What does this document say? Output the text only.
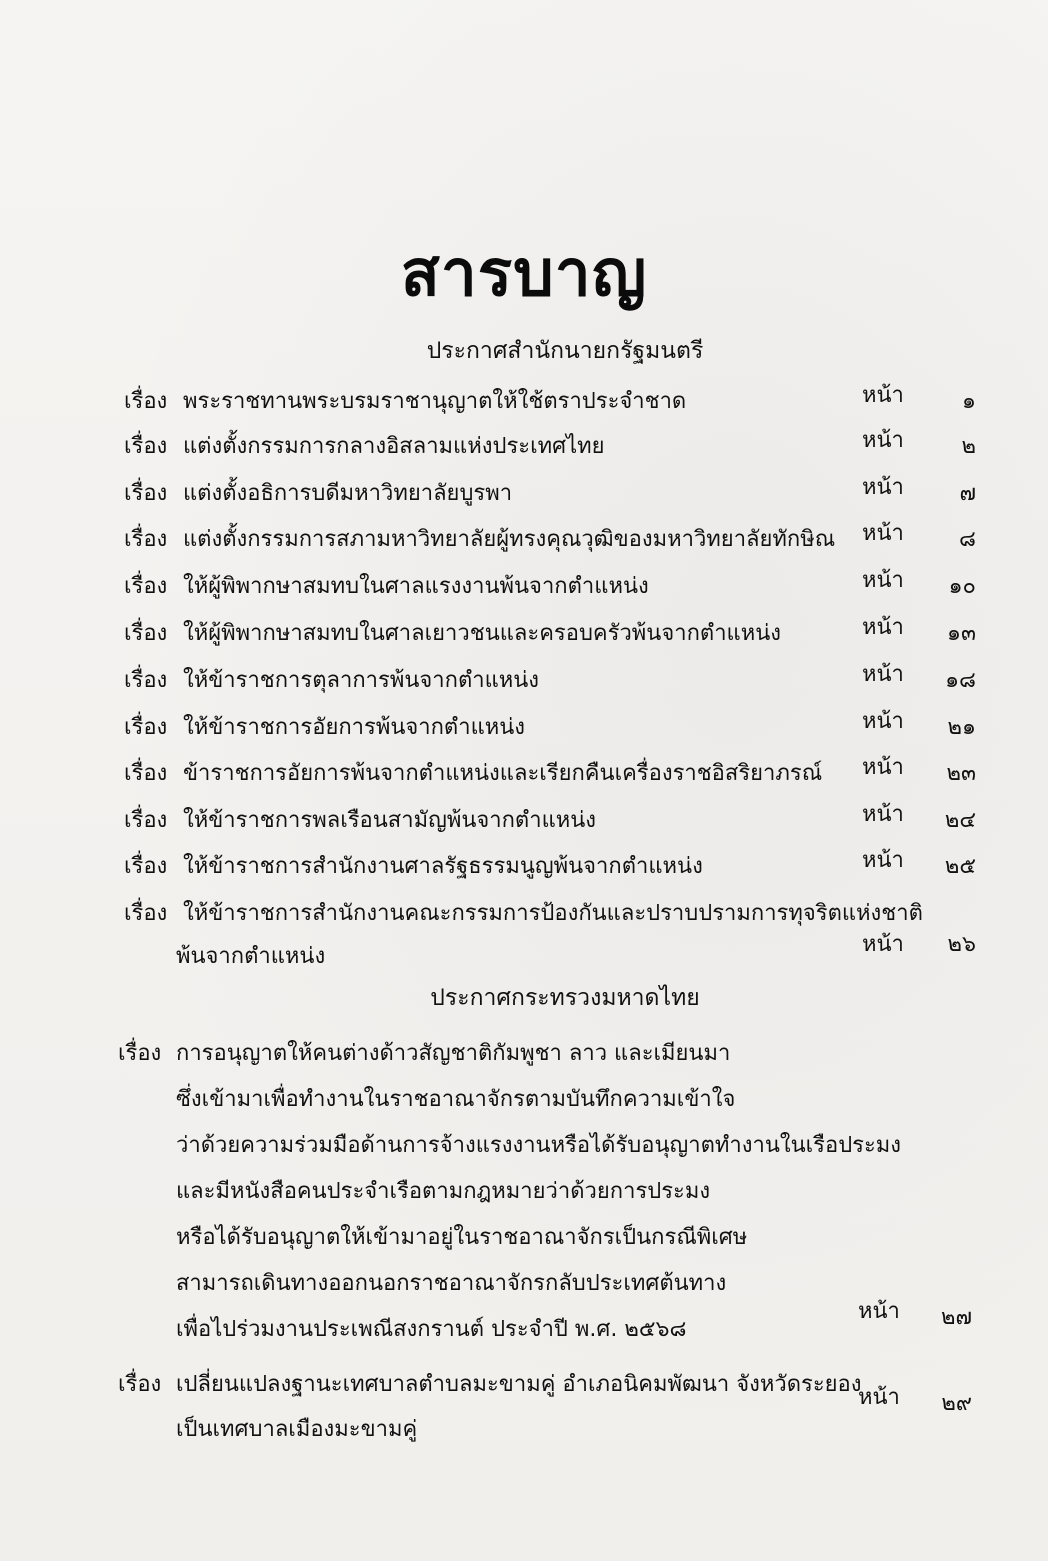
สารบาญ
ประกาศสำนักนายกรัฐมนตรี
เรื่อง พระราชทานพระบรมราชานุญาตให้ใช้ตราประจำชาด	หน้า	๑
เรื่อง แต่งตั้งกรรมการกลางอิสลามแห่งประเทศไทย	หน้า	๒
เรื่อง แต่งตั้งอธิการบดีมหาวิทยาลัยบูรพา	หน้า	๗
เรื่อง แต่งตั้งกรรมการสภามหาวิทยาลัยผู้ทรงคุณวุฒิของมหาวิทยาลัยทักษิณ หน้า	๘
เรื่อง ให้ผู้พิพากษาสมทบในศาลแรงงานพ้นจากตำแหน่ง	หน้า ๑๐
เรื่อง ให้ผู้พิพากษาสมทบในศาลเยาวชนและครอบครัวพ้นจากตำแหน่ง	หน้า ๑๓
เรื่อง ให้ข้าราชการตุลาการพ้นจากตำแหน่ง	หน้า ๑๘
เรื่อง ให้ข้าราชการอัยการพ้นจากตำแหน่ง	หน้า ๒๑
เรื่อง ข้าราชการอัยการพ้นจากตำแหน่งและเรียกคืนเครื่องราชอิสริยาภรณ์ หน้า ๒๓
เรื่อง ให้ข้าราชการพลเรือนสามัญพ้นจากตำแหน่ง	หน้า ๒๔
เรื่อง ให้ข้าราชการสำนักงานศาลรัฐธรรมนูญพ้นจากตำแหน่ง	หน้า ๒๕
เรื่อง ให้ข้าราชการสำนักงานคณะกรรมการป้องกันและปราบปรามการทุจริตแห่งชาติ
พ้นจากตำแหน่ง	หน้า ๒๖
ประกาศกระทรวงมหาดไทย
เรื่อง การอนุญาตให้คนต่างด้าวสัญชาติกัมพูชา ลาว และเมียนมา
ซึ่งเข้ามาเพื่อทำงานในราชอาณาจักรตามบันทึกความเข้าใจ
ว่าด้วยความร่วมมือด้านการจ้างแรงงานหรือได้รับอนุญาตทำงานในเรือประมง
และมีหนังสือคนประจำเรือตามกฎหมายว่าด้วยการประมง
หรือได้รับอนุญาตให้เข้ามาอยู่ในราชอาณาจักรเป็นกรณีพิเศษ
สามารถเดินทางออกนอกราชอาณาจักรกลับประเทศต้นทาง
เพื่อไปร่วมงานประเพณีสงกรานต์ ประจำปี พ.ศ. ๒๕๖๘
หน้า ๒๗
เรื่อง เปลี่ยนแปลงฐานะเทศบาลตำบลมะขามคู่ อำเภอนิคมพัฒนา จังหวัดระยอง
เป็นเทศบาลเมืองมะขามคู่
หน้า ๒๙
